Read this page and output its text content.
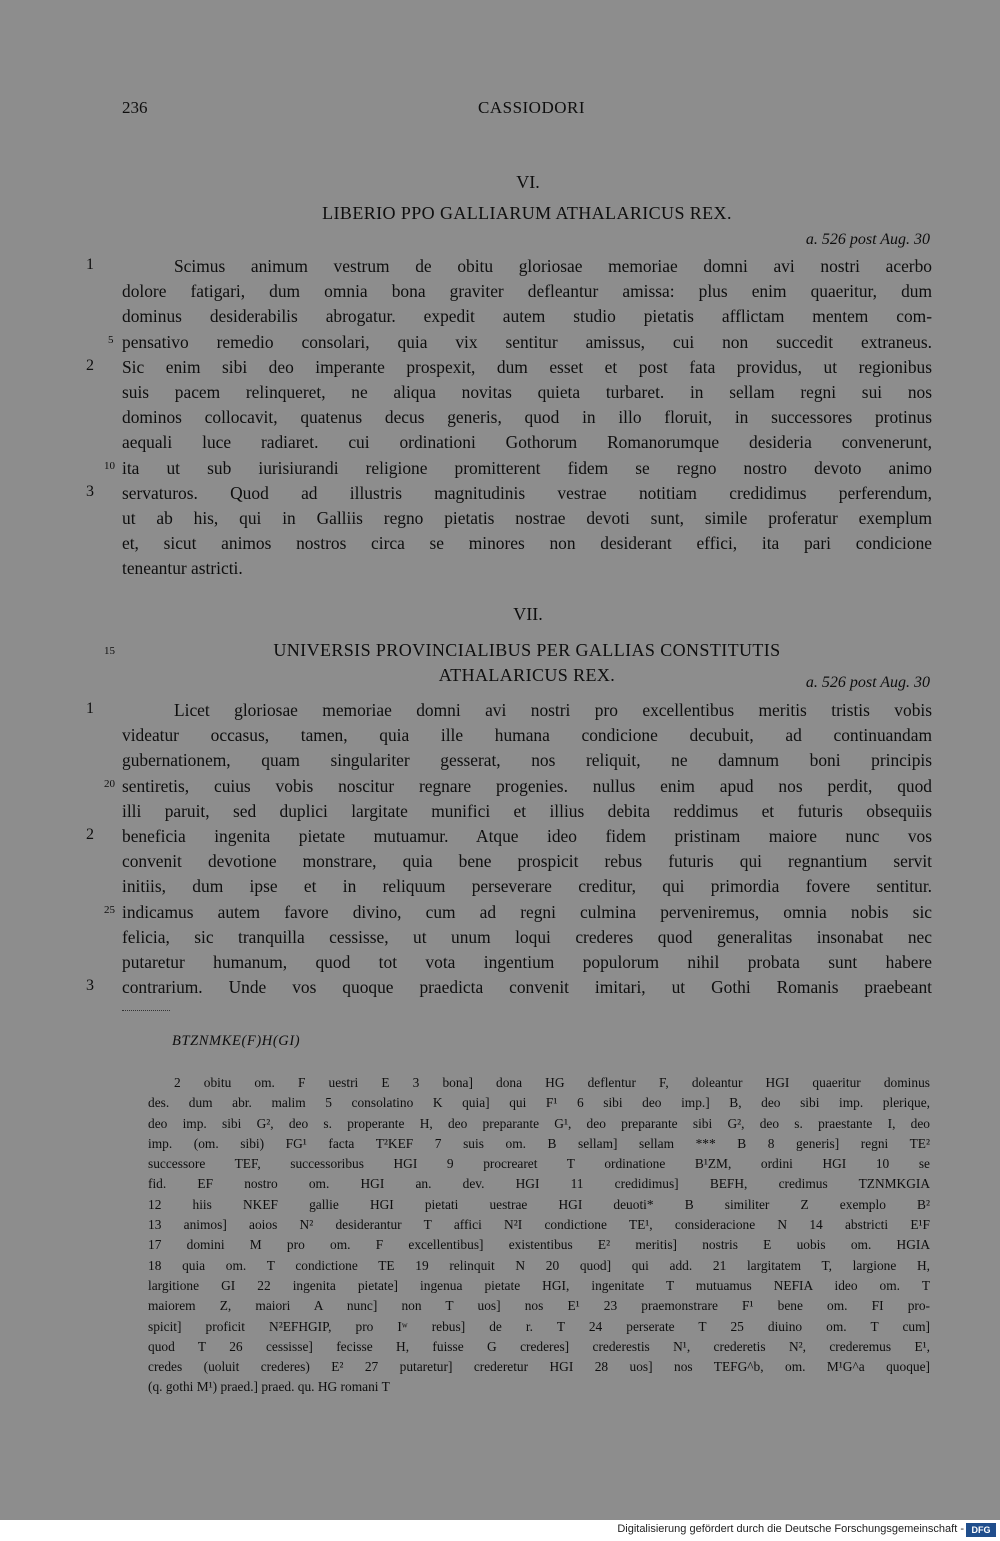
236	CASSIODORI
VI.
LIBERIO PPO GALLIARUM ATHALARICUS REX.
a. 526 post Aug. 30
Scimus animum vestrum de obitu gloriosae memoriae domni avi nostri acerbo
dolore fatigari, dum omnia bona graviter defleantur amissa: plus enim quaeritur, dum
dominus desiderabilis abrogatur. expedit autem studio pietatis afflictam mentem com-
pensativo remedio consolari, quia vix sentitur amissus, cui non succedit extraneus.
Sic enim sibi deo imperante prospexit, dum esset et post fata providus, ut regionibus
suis pacem relinqueret, ne aliqua novitas quieta turbaret. in sellam regni sui nos
dominos collocavit, quatenus decus generis, quod in illo floruit, in successores protinus
aequali luce radiaret. cui ordinationi Gothorum Romanorumque desideria convenerunt,
ita ut sub iurisiurandi religione promitterent fidem se regno nostro devoto animo
servaturos. Quod ad illustris magnitudinis vestrae notitiam credidimus perferendum,
ut ab his, qui in Galliis regno pietatis nostrae devoti sunt, simile proferatur exemplum
et, sicut animos nostros circa se minores non desiderant effici, ita pari condicione
teneantur astricti.
1
2
3
5
10
VII.
UNIVERSIS PROVINCIALIBUS PER GALLIAS CONSTITUTIS
ATHALARICUS REX.	a. 526 post Aug. 30
15
Licet gloriosae memoriae domni avi nostri pro excellentibus meritis tristis vobis
videatur occasus, tamen, quia ille humana condicione decubuit, ad continuandam
gubernationem, quam singulariter gesserat, nos reliquit, ne damnum boni principis
sentiretis, cuius vobis noscitur regnare progenies. nullus enim apud nos perdit, quod
illi paruit, sed duplici largitate munifici et illius debita reddimus et futuris obsequiis
beneficia ingenita pietate mutuamur. Atque ideo fidem pristinam maiore nunc vos
convenit devotione monstrare, quia bene prospicit rebus futuris qui regnantium servit
initiis, dum ipse et in reliquum perseverare creditur, qui primordia fovere sentitur.
indicamus autem favore divino, cum ad regni culmina perveniremus, omnia nobis sic
felicia, sic tranquilla cessisse, ut unum loqui crederes quod generalitas insonabat nec
putaretur humanum, quod tot vota ingentium populorum nihil probata sunt habere
contrarium. Unde vos quoque praedicta convenit imitari, ut Gothi Romanis praebeant
1
2
3
20
25
BTZNMKE(F)H(GI)
2 obitu om. F uestri E 3 bona] dona HG deflentur F, doleantur HGI quaeritur dominus
des. dum abr. malim 5 consolatino K quia] qui F¹ 6 sibi deo imp.] B, deo sibi imp. plerique,
deo imp. sibi G², deo s. properante H, deo preparante G¹, deo preparante sibi G², deo s. praestante I, deo
imp. (om. sibi) FG¹ facta T²KEF 7 suis om. B sellam] sellam *** B 8 generis] regni TE²
successore TEF, successoribus HGI 9 procrearet T ordinatione B¹ZM, ordini HGI 10 se
fid. EF nostro om. HGI an. dev. HGI 11 credidimus] BEFH, credimus TZNMKGIA
12 hiis NKEF gallie HGI pietati uestrae HGI deuoti* B similiter Z exemplo B²
13 animos] aoios N² desiderantur T affici N²I condictione TE¹, consideracione N 14 abstricti E¹F
17 domini M pro om. F excellentibus] existentibus E² meritis] nostris E uobis om. HGIA
18 quia om. T condictione TE 19 relinquit N 20 quod] qui add. 21 largitatem T, largione H,
largitione GI 22 ingenita pietate] ingenua pietate HGI, ingenitate T mutuamus NEFIA ideo om. T
maiorem Z, maiori A nunc] non T uos] nos E¹ 23 praemonstrare F¹ bene om. FI pro-
spicit] proficit N²EFHGIP, pro Iʷ rebus] de r. T 24 perserate T 25 diuino om. T cum]
quod T 26 cessisse] fecisse H, fuisse G crederes] crederestis N¹, crederetis N², crederemus E¹,
credes (uoluit crederes) E² 27 putaretur] crederetur HGI 28 uos] nos TEFG^b, om. M¹G^a quoque]
(q. gothi M¹) praed.] praed. qu. HG romani T
Digitalisierung gefördert durch die Deutsche Forschungsgemeinschaft - DFG
